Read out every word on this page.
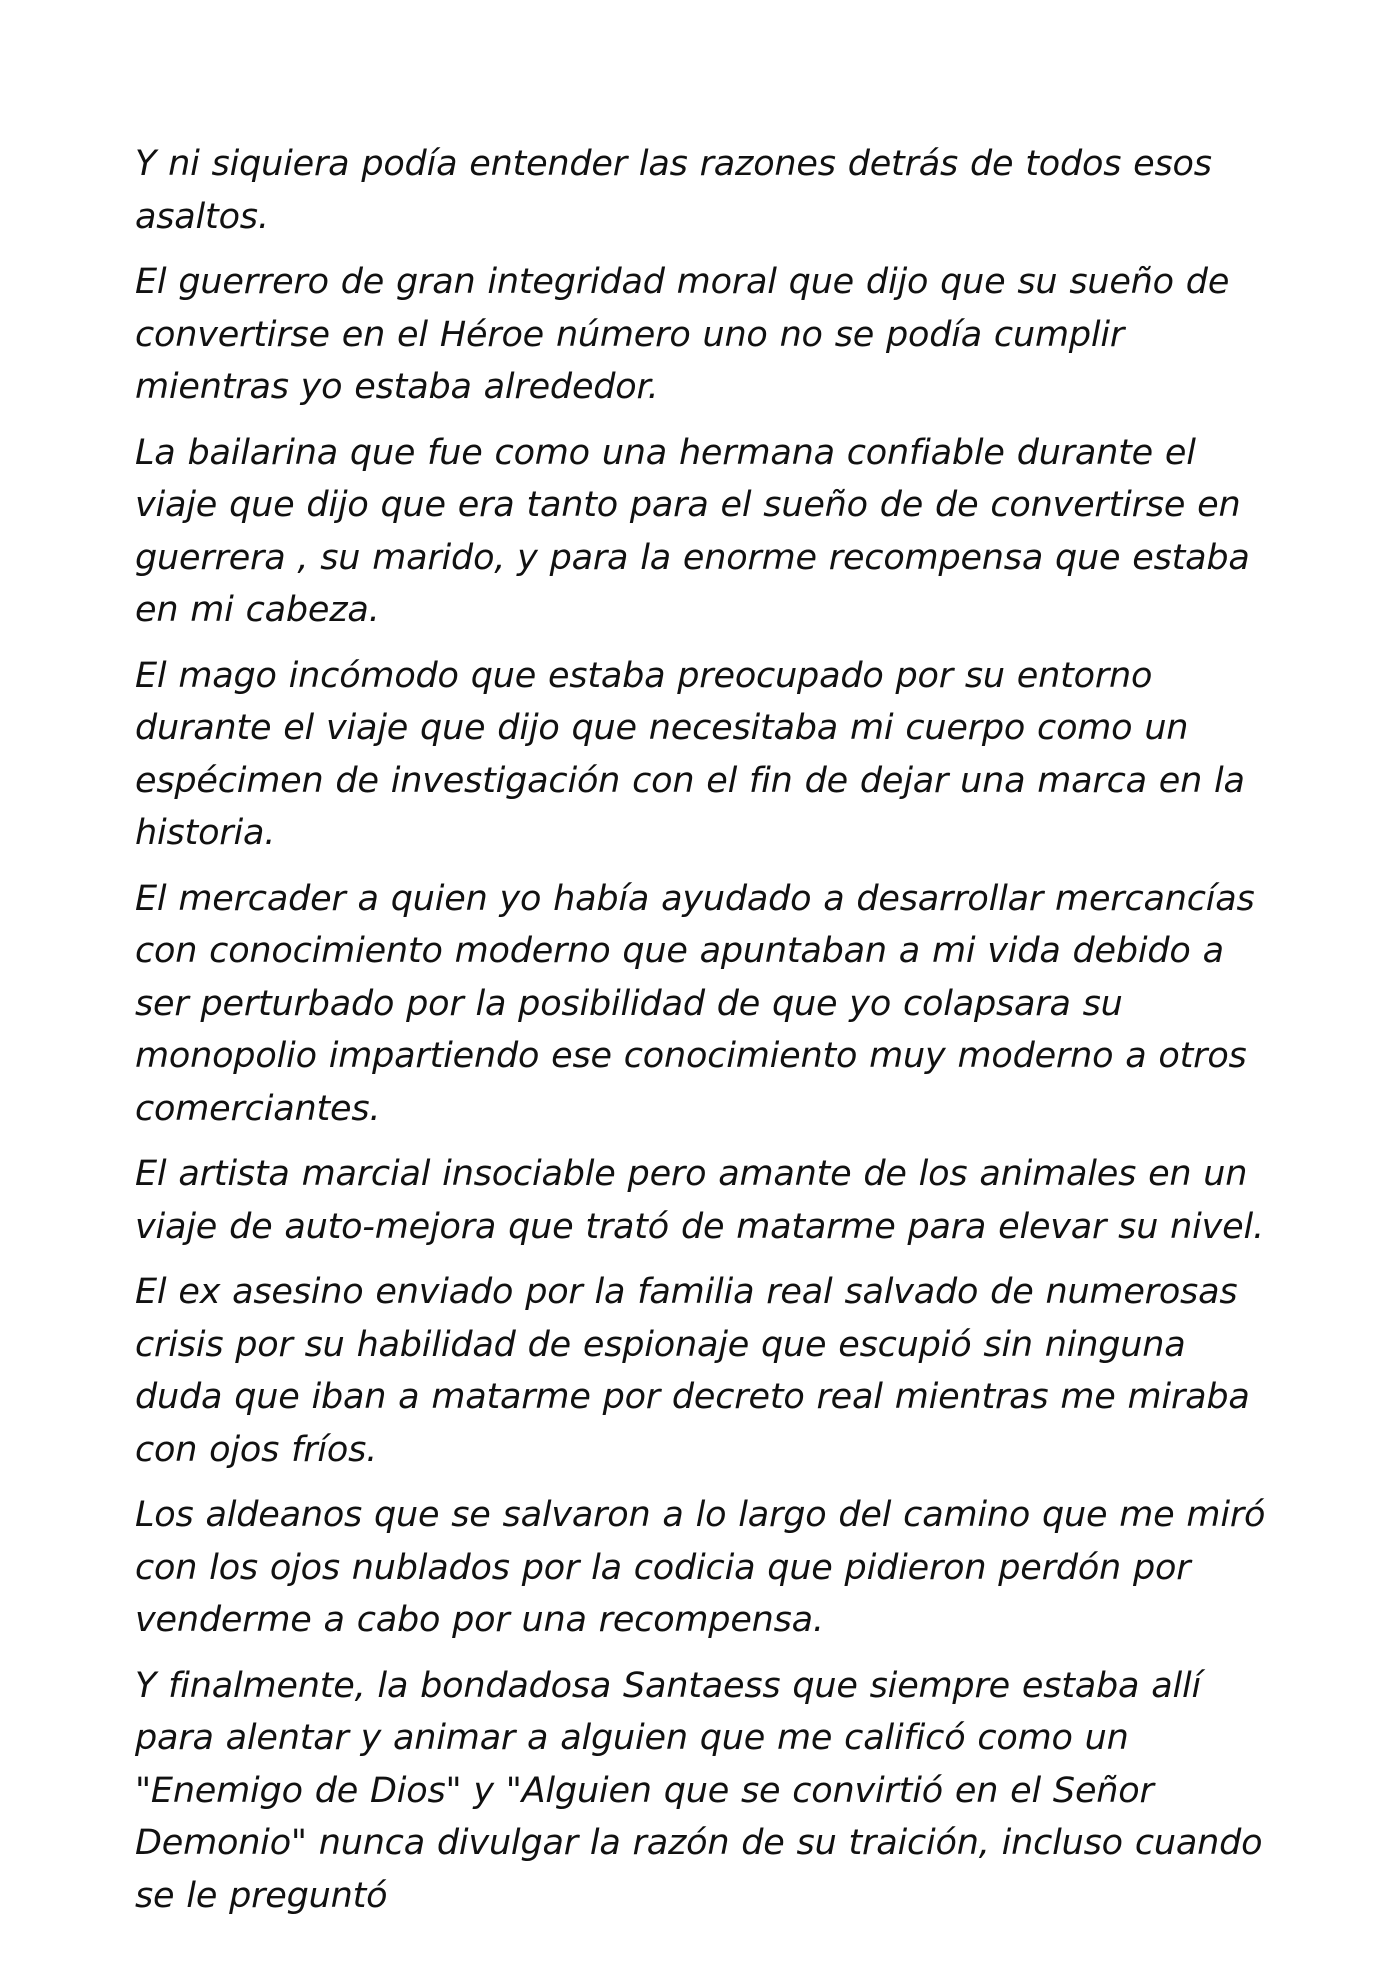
Y ni siquiera podía entender las razones detrás de todos esos asaltos.

El guerrero de gran integridad moral que dijo que su sueño de convertirse en el Héroe número uno no se podía cumplir mientras yo estaba alrededor.

La bailarina que fue como una hermana confiable durante el viaje que dijo que era tanto para el sueño de de convertirse en guerrera , su marido, y para la enorme recompensa que estaba en mi cabeza.

El mago incómodo que estaba preocupado por su entorno durante el viaje que dijo que necesitaba mi cuerpo como un espécimen de investigación con el fin de dejar una marca en la historia.

El mercader a quien yo había ayudado a desarrollar mercancías con conocimiento moderno que apuntaban a mi vida debido a ser perturbado por la posibilidad de que yo colapsara su monopolio impartiendo ese conocimiento muy moderno a otros comerciantes.

El artista marcial insociable pero amante de los animales en un viaje de auto-mejora que trató de matarme para elevar su nivel.

El ex asesino enviado por la familia real salvado de numerosas crisis por su habilidad de espionaje que escupió sin ninguna duda que iban a matarme por decreto real mientras me miraba con ojos fríos.

Los aldeanos que se salvaron a lo largo del camino que me miró con los ojos nublados por la codicia que pidieron perdón por venderme a cabo por una recompensa.

Y finalmente, la bondadosa Santaess que siempre estaba allí para alentar y animar a alguien que me calificó como un "Enemigo de Dios" y "Alguien que se convirtió en el Señor Demonio" nunca divulgar la razón de su traición, incluso cuando se le preguntó
